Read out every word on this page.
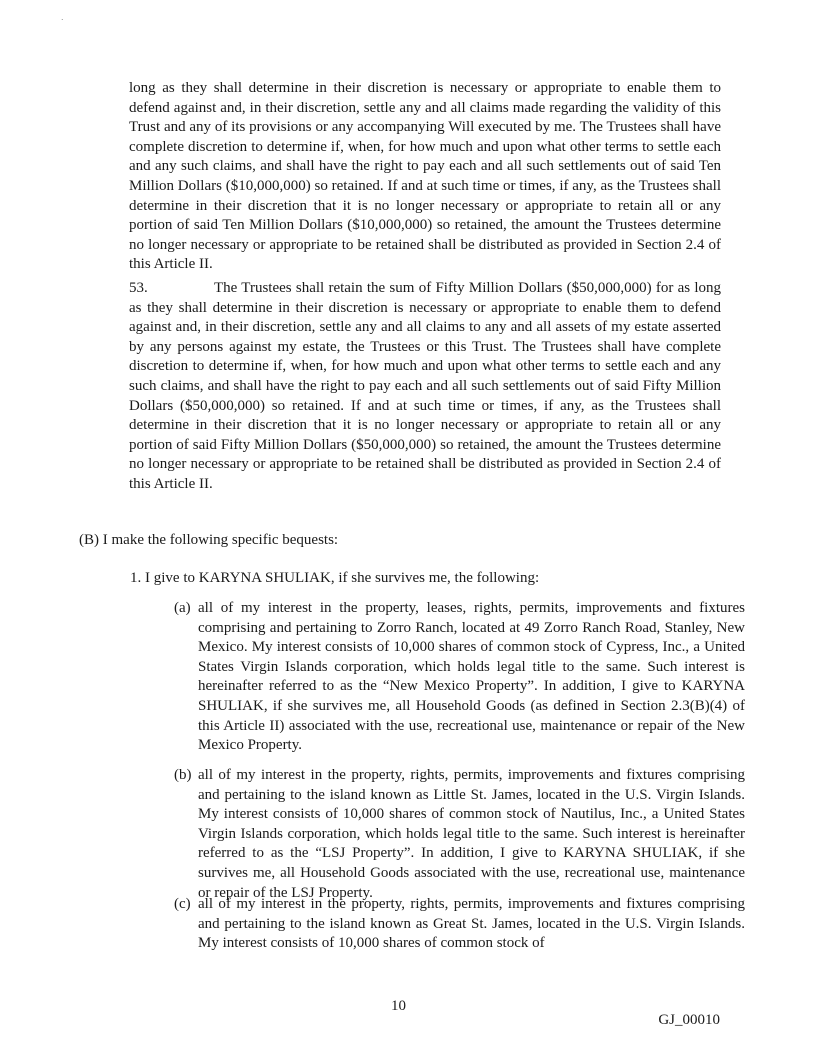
.

long as they shall determine in their discretion is necessary or appropriate to enable them to defend against and, in their discretion, settle any and all claims made regarding the validity of this Trust and any of its provisions or any accompanying Will executed by me. The Trustees shall have complete discretion to determine if, when, for how much and upon what other terms to settle each and any such claims, and shall have the right to pay each and all such settlements out of said Ten Million Dollars ($10,000,000) so retained. If and at such time or times, if any, as the Trustees shall determine in their discretion that it is no longer necessary or appropriate to retain all or any portion of said Ten Million Dollars ($10,000,000) so retained, the amount the Trustees determine no longer necessary or appropriate to be retained shall be distributed as provided in Section 2.4 of this Article II.

53.	The Trustees shall retain the sum of Fifty Million Dollars ($50,000,000) for as long as they shall determine in their discretion is necessary or appropriate to enable them to defend against and, in their discretion, settle any and all claims to any and all assets of my estate asserted by any persons against my estate, the Trustees or this Trust. The Trustees shall have complete discretion to determine if, when, for how much and upon what other terms to settle each and any such claims, and shall have the right to pay each and all such settlements out of said Fifty Million Dollars ($50,000,000) so retained. If and at such time or times, if any, as the Trustees shall determine in their discretion that it is no longer necessary or appropriate to retain all or any portion of said Fifty Million Dollars ($50,000,000) so retained, the amount the Trustees determine no longer necessary or appropriate to be retained shall be distributed as provided in Section 2.4 of this Article II.

(B) I make the following specific bequests:

1. I give to KARYNA SHULIAK, if she survives me, the following:

(a) all of my interest in the property, leases, rights, permits, improvements and fixtures comprising and pertaining to Zorro Ranch, located at 49 Zorro Ranch Road, Stanley, New Mexico. My interest consists of 10,000 shares of common stock of Cypress, Inc., a United States Virgin Islands corporation, which holds legal title to the same. Such interest is hereinafter referred to as the “New Mexico Property”. In addition, I give to KARYNA SHULIAK, if she survives me, all Household Goods (as defined in Section 2.3(B)(4) of this Article II) associated with the use, recreational use, maintenance or repair of the New Mexico Property.

(b) all of my interest in the property, rights, permits, improvements and fixtures comprising and pertaining to the island known as Little St. James, located in the U.S. Virgin Islands. My interest consists of 10,000 shares of common stock of Nautilus, Inc., a United States Virgin Islands corporation, which holds legal title to the same. Such interest is hereinafter referred to as the “LSJ Property”. In addition, I give to KARYNA SHULIAK, if she survives me, all Household Goods associated with the use, recreational use, maintenance or repair of the LSJ Property.

(c) all of my interest in the property, rights, permits, improvements and fixtures comprising and pertaining to the island known as Great St. James, located in the U.S. Virgin Islands. My interest consists of 10,000 shares of common stock of

10

GJ_00010
